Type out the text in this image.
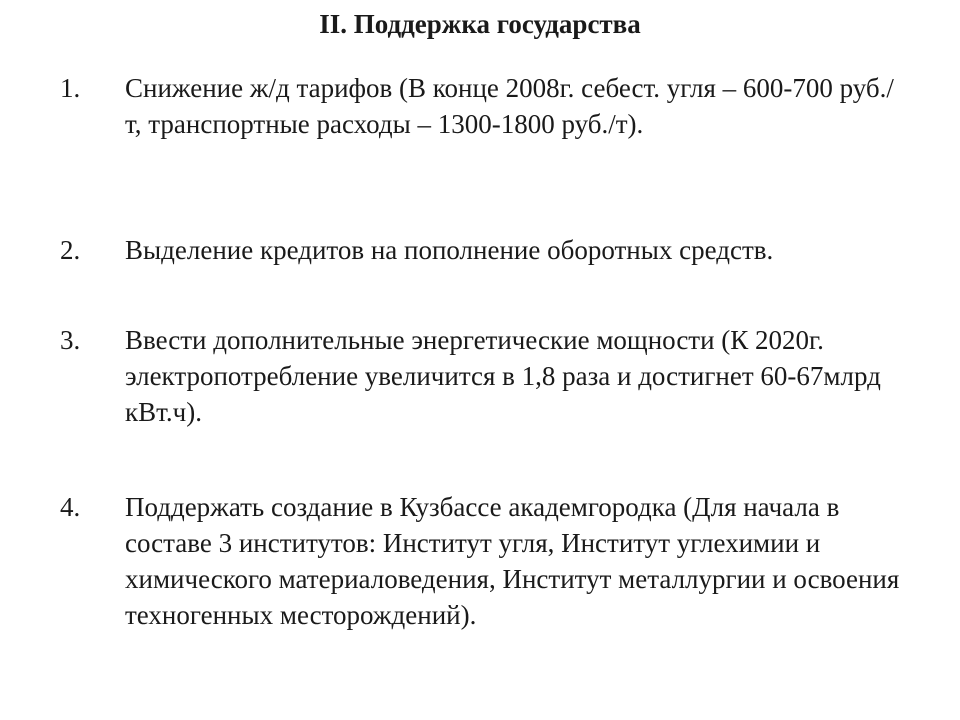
II. Поддержка государства
1.	Снижение ж/д тарифов (В конце 2008г. себест. угля – 600-700 руб./т, транспортные расходы – 1300-1800 руб./т).
2.	Выделение кредитов на пополнение оборотных средств.
3.	Ввести дополнительные энергетические мощности (К 2020г. электропотребление увеличится в 1,8 раза и достигнет 60-67млрд кВт.ч).
4.	Поддержать создание в Кузбассе академгородка (Для начала в составе 3 институтов: Институт угля, Институт углехимии и химического материаловедения, Институт металлургии и освоения техногенных месторождений).
